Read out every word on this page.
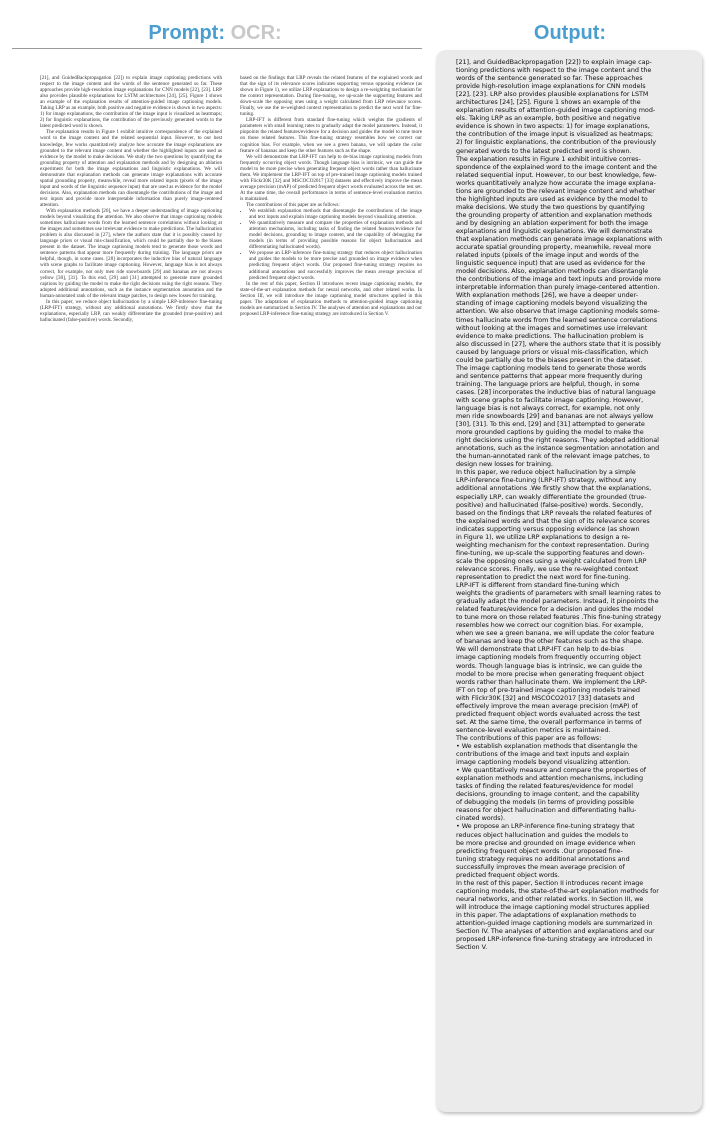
Prompt: OCR:

[21], and GuidedBackpropagation [22]) to explain image captioning predictions with respect to the image content and the words of the sentence generated so far. These approaches provide high-resolution image explanations for CNN models [22], [23]. LRP also provides plausible explanations for LSTM architectures [24], [25]. Figure 1 shows an example of the explanation results of attention-guided image captioning models. Taking LRP as an example, both positive and negative evidence is shown in two aspects: 1) for image explanations, the contribution of the image input is visualized as heatmaps; 2) for linguistic explanations, the contribution of the previously generated words to the latest predicted word is shown.

The explanation results in Figure 1 exhibit intuitive correspondence of the explained word to the image content and the related sequential input. However, to our best knowledge, few works quantitatively analyze how accurate the image explanations are grounded to the relevant image content and whether the highlighted inputs are used as evidence by the model to make decisions. We study the two questions by quantifying the grounding property of attention and explanation methods and by designing an ablation experiment for both the image explanations and linguistic explanations. We will demonstrate that explanation methods can generate image explanations with accurate spatial grounding property, meanwhile, reveal more related inputs (pixels of the image input and words of the linguistic sequence input) that are used as evidence for the model decisions. Also, explanation methods can disentangle the contributions of the image and text inputs and provide more interpretable information than purely image-centered attention.

With explanation methods [26], we have a deeper understanding of image captioning models beyond visualizing the attention. We also observe that image captioning models sometimes hallucinate words from the learned sentence correlations without looking at the images and sometimes use irrelevant evidence to make predictions. The hallucination problem is also discussed in [27], where the authors state that it is possibly caused by language priors or visual mis-classification, which could be partially due to the biases present in the dataset. The image captioning models tend to generate those words and sentence patterns that appear more frequently during training. The language priors are helpful, though, in some cases. [28] incorporates the inductive bias of natural language with scene graphs to facilitate image captioning. However, language bias is not always correct, for example, not only men ride snowboards [29] and bananas are not always yellow [30], [31]. To this end, [29] and [31] attempted to generate more grounded captions by guiding the model to make the right decisions using the right reasons. They adopted additional annotations, such as the instance segmentation annotation and the human-annotated rank of the relevant image patches, to design new losses for training.

In this paper, we reduce object hallucination by a simple LRP-inference fine-tuning (LRP-IFT) strategy, without any additional annotations. We firstly show that the explanations, especially LRP, can weakly differentiate the grounded (true-positive) and hallucinated (false-positive) words. Secondly,

based on the findings that LRP reveals the related features of the explained words and that the sign of its relevance scores indicates supporting versus opposing evidence (as shown in Figure 1), we utilize LRP explanations to design a re-weighting mechanism for the context representation. During fine-tuning, we up-scale the supporting features and down-scale the opposing ones using a weight calculated from LRP relevance scores. Finally, we use the re-weighted context representation to predict the next word for fine-tuning.

LRP-IFT is different from standard fine-tuning which weights the gradients of parameters with small learning rates to gradually adapt the model parameters. Instead, it pinpoints the related features/evidence for a decision and guides the model to tune more on those related features. This fine-tuning strategy resembles how we correct our cognition bias. For example, when we see a green banana, we will update the color feature of bananas and keep the other features such as the shape.

We will demonstrate that LRP-IFT can help to de-bias image captioning models from frequently occurring object words. Though language bias is intrinsic, we can guide the model to be more precise when generating frequent object words rather than hallucinate them. We implement the LRP-IFT on top of pre-trained image captioning models trained with Flickr30K [32] and MSCOCO2017 [33] datasets and effectively improve the mean average precision (mAP) of predicted frequent object words evaluated across the test set. At the same time, the overall performance in terms of sentence-level evaluation metrics is maintained.

The contributions of this paper are as follows:

• We establish explanation methods that disentangle the contributions of the image and text inputs and explain image captioning models beyond visualizing attention.
• We quantitatively measure and compare the properties of explanation methods and attention mechanisms, including tasks of finding the related features/evidence for model decisions, grounding to image content, and the capability of debugging the models (in terms of providing possible reasons for object hallucination and differentiating hallucinated words).
• We propose an LRP-inference fine-tuning strategy that reduces object hallucination and guides the models to be more precise and grounded on image evidence when predicting frequent object words. Our proposed fine-tuning strategy requires no additional annotations and successfully improves the mean average precision of predicted frequent object words.

In the rest of this paper, Section II introduces recent image captioning models, the state-of-the-art explanation methods for neural networks, and other related works. In Section III, we will introduce the image captioning model structures applied in this paper. The adaptations of explanation methods to attention-guided image captioning models are summarized in Section IV. The analyses of attention and explanations and our proposed LRP-inference fine-tuning strategy are introduced in Section V.

Output:
[21], and GuidedBackpropagation [22]) to explain image cap-
tioning predictions with respect to the image content and the
words of the sentence generated so far. These approaches
provide high-resolution image explanations for CNN models
[22], [23]. LRP also provides plausible explanations for LSTM
architectures [24], [25]. Figure 1 shows an example of the
explanation results of attention-guided image captioning mod-
els. Taking LRP as an example, both positive and negative
evidence is shown in two aspects: 1) for image explanations,
the contribution of the image input is visualized as heatmaps;
2) for linguistic explanations, the contribution of the previously
generated words to the latest predicted word is shown.
The explanation results in Figure 1 exhibit intuitive corres-
spondence of the explained word to the image content and the
related sequential input. However, to our best knowledge, few-
works quantitatively analyze how accurate the image explana-
tions are grounded to the relevant image content and whether
the highlighted inputs are used as evidence by the model to
make decisions. We study the two questions by quantifying
the grounding property of attention and explanation methods
and by designing an ablation experiment for both the image
explanations and linguistic explanations. We will demonstrate
that explanation methods can generate image explanations with
accurate spatial grounding property, meanwhile, reveal more
related inputs (pixels of the image input and words of the
linguistic sequence input) that are used as evidence for the
model decisions. Also, explanation methods can disentangle
the contributions of the image and text inputs and provide more
interpretable information than purely image-centered attention.
With explanation methods [26], we have a deeper under-
standing of image captioning models beyond visualizing the
attention. We also observe that image captioning models some-
times hallucinate words from the learned sentence correlations
without looking at the images and sometimes use irrelevant
evidence to make predictions. The hallucination problem is
also discussed in [27], where the authors state that it is possibly
caused by language priors or visual mis-classification, which
could be partially due to the biases present in the dataset.
The image captioning models tend to generate those words
and sentence patterns that appear more frequently during
training. The language priors are helpful, though, in some
cases. [28] incorporates the inductive bias of natural language
with scene graphs to facilitate image captioning. However,
language bias is not always correct, for example, not only
men ride snowboards [29] and bananas are not always yellow
[30], [31]. To this end, [29] and [31] attempted to generate
more grounded captions by guiding the model to make the
right decisions using the right reasons. They adopted additional
annotations, such as the instance segmentation annotation and
the human-annotated rank of the relevant image patches, to
design new losses for training.
In this paper, we reduce object hallucination by a simple
LRP-inference fine-tuning (LRP-IFT) strategy, without any
additional annotations .We firstly show that the explanations,
especially LRP, can weakly differentiate the grounded (true-
positive) and hallucinated (false-positive) words. Secondly,
based on the findings that LRP reveals the related features of
the explained words and that the sign of its relevance scores
indicates supporting versus opposing evidence (as shown
in Figure 1), we utilize LRP explanations to design a re-
weighting mechanism for the context representation. During
fine-tuning, we up-scale the supporting features and down-
scale the opposing ones using a weight calculated from LRP
relevance scores. Finally, we use the re-weighted context
representation to predict the next word for fine-tuning.
LRP-IFT is different from standard fine-tuning which
weights the gradients of parameters with small learning rates to
gradually adapt the model parameters. Instead, it pinpoints the
related features/evidence for a decision and guides the model
to tune more on those related features .This fine-tuning strategy
resembles how we correct our cognition bias. For example,
when we see a green banana, we will update the color feature
of bananas and keep the other features such as the shape.
We will demonstrate that LRP-IFT can help to de-bias
image captioning models from frequently occurring object
words. Though language bias is intrinsic, we can guide the
model to be more precise when generating frequent object
words rather than hallucinate them. We implement the LRP-
IFT on top of pre-trained image captioning models trained
with Flickr30K [32] and MSCOCO2017 [33] datasets and
effectively improve the mean average precision (mAP) of
predicted frequent object words evaluated across the test
set. At the same time, the overall performance in terms of
sentence-level evaluation metrics is maintained.
The contributions of this paper are as follows:
• We establish explanation methods that disentangle the
contributions of the image and text inputs and explain
image captioning models beyond visualizing attention.
• We quantitatively measure and compare the properties of
explanation methods and attention mechanisms, including
tasks of finding the related features/evidence for model
decisions, grounding to image content, and the capability
of debugging the models (in terms of providing possible
reasons for object hallucination and differentiating hallu-
cinated words).
• We propose an LRP-inference fine-tuning strategy that
reduces object hallucination and guides the models to
be more precise and grounded on image evidence when
predicting frequent object words .Our proposed fine-
tuning strategy requires no additional annotations and
successfully improves the mean average precision of
predicted frequent object words.
In the rest of this paper, Section II introduces recent image
captioning models, the state-of-the-art explanation methods for
neural networks, and other related works. In Section III, we
will introduce the image captioning model structures applied
in this paper. The adaptations of explanation methods to
attention-guided image captioning models are summarized in
Section IV. The analyses of attention and explanations and our
proposed LRP-inference fine-tuning strategy are introduced in
Section V.
